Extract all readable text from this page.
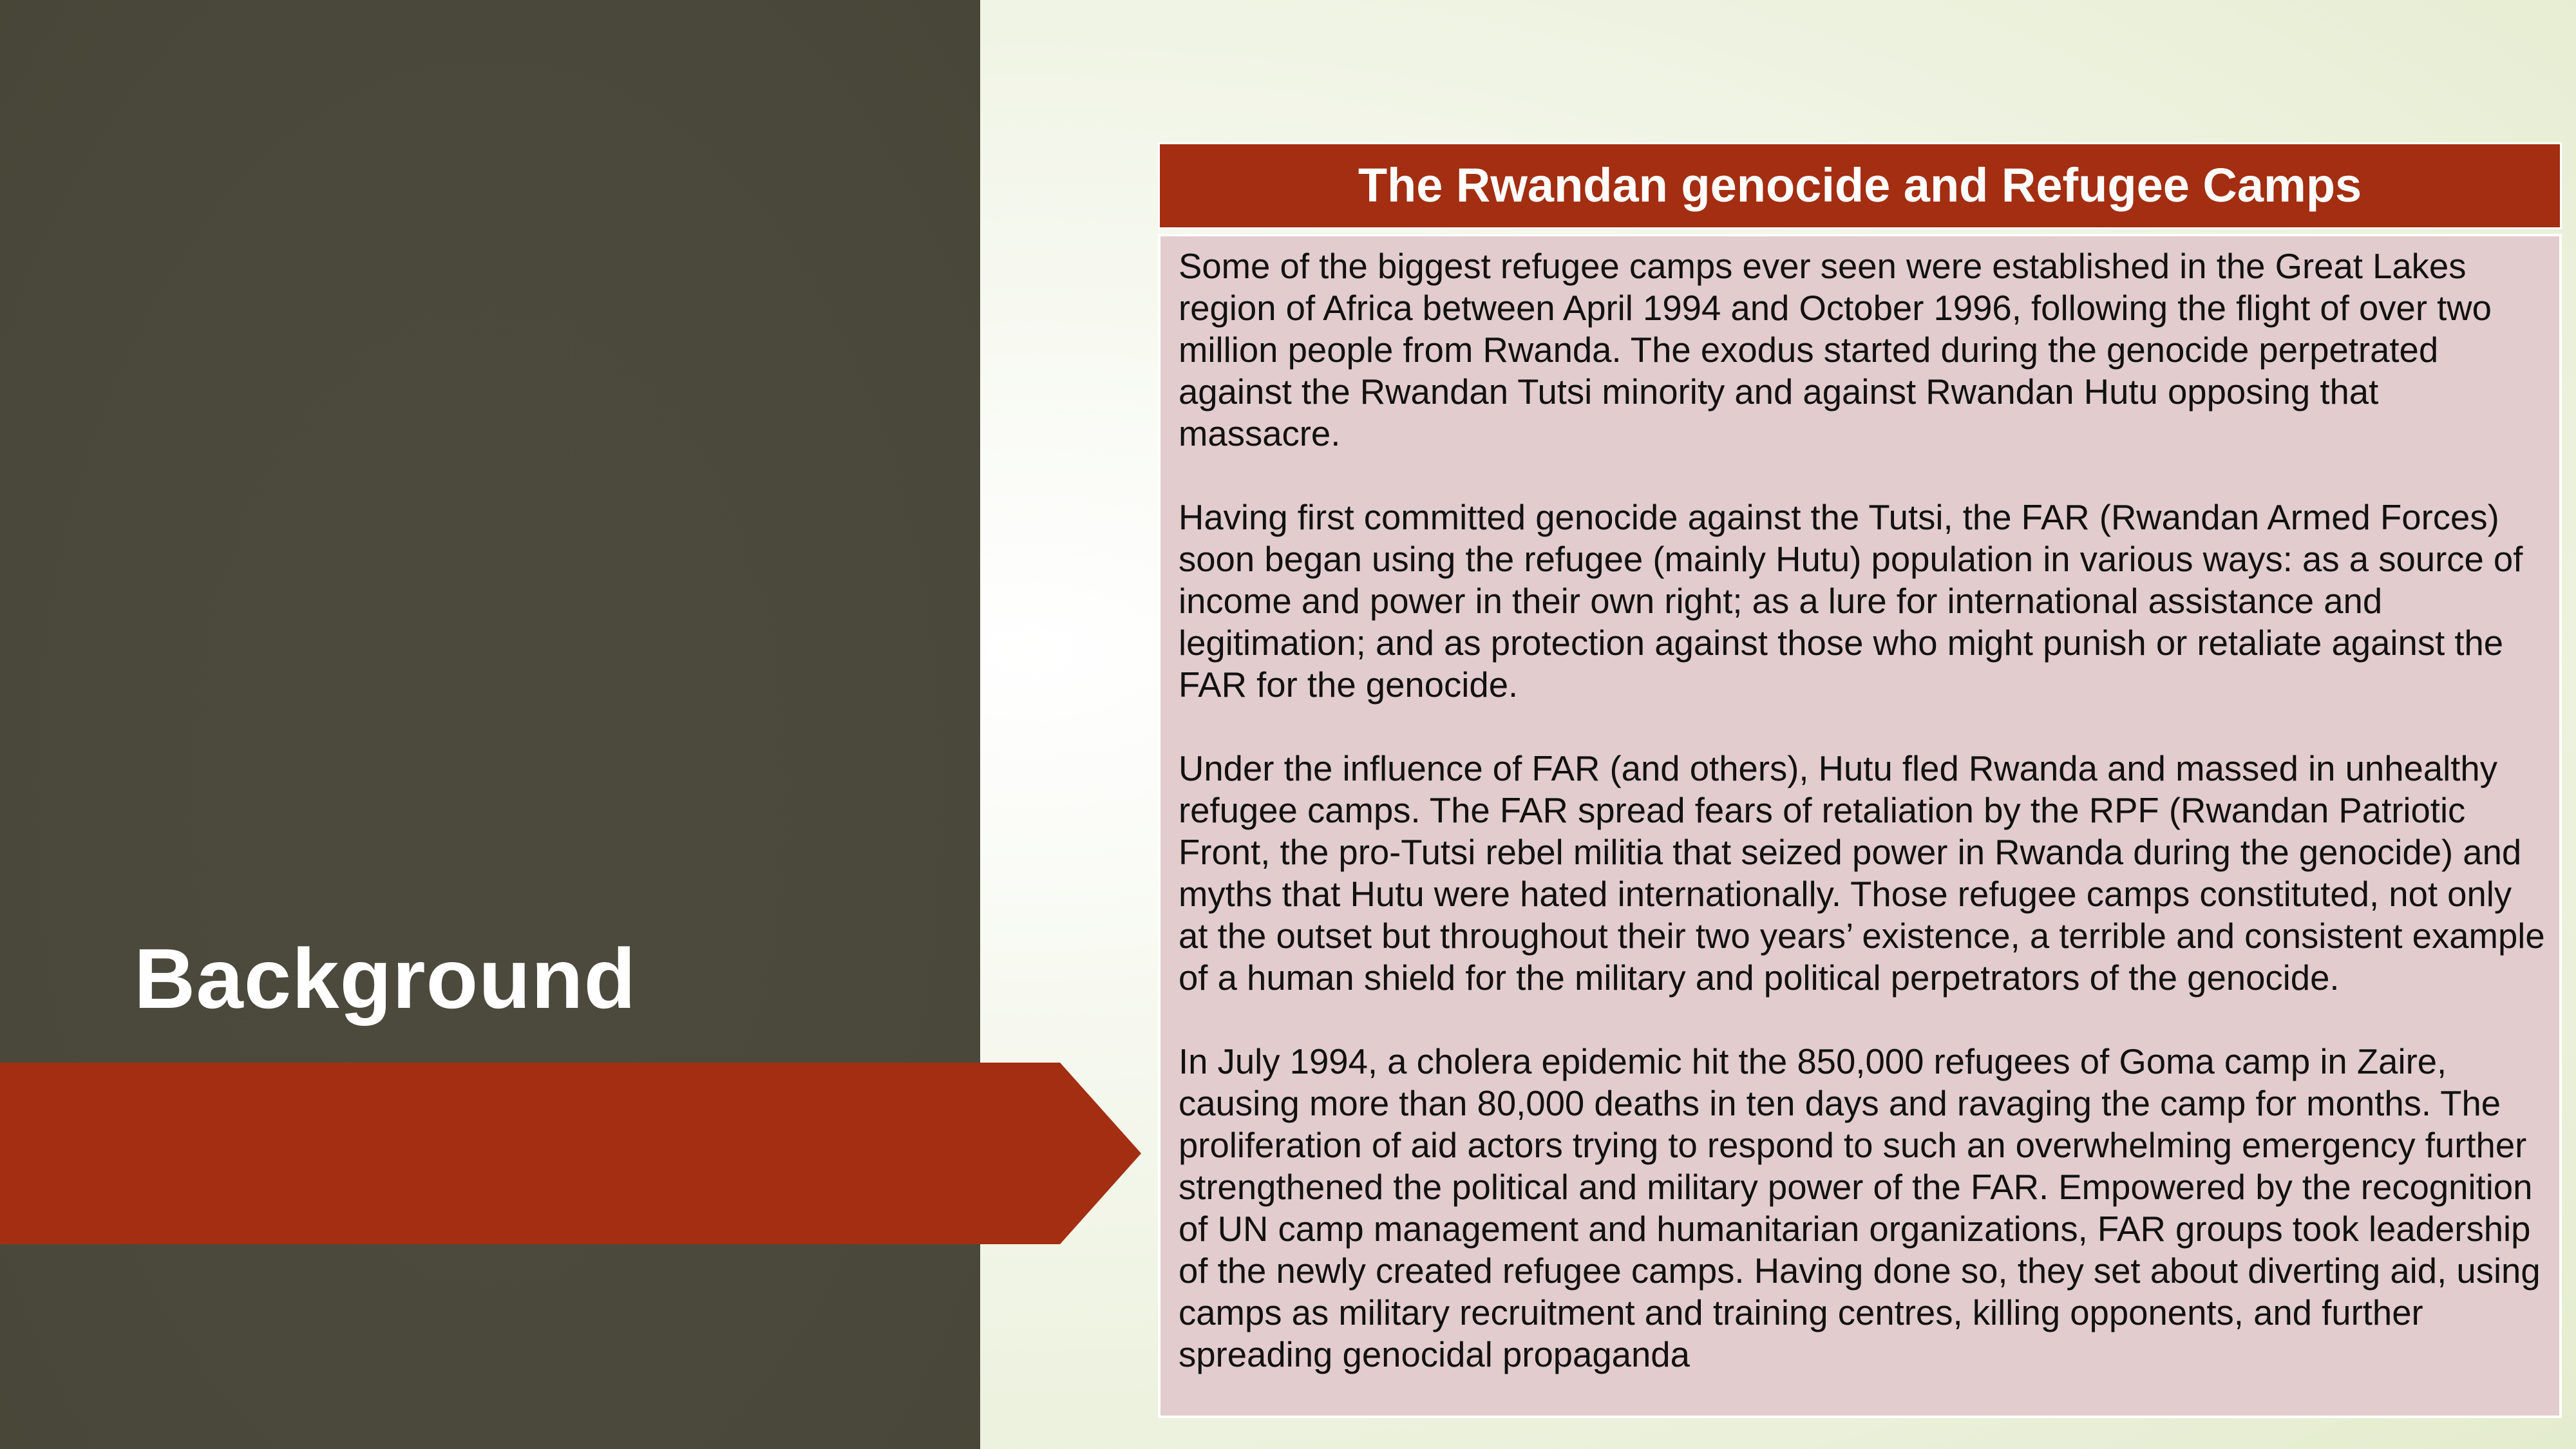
Background
The Rwandan genocide and Refugee Camps

Some of the biggest refugee camps ever seen were established in the Great Lakes region of Africa between April 1994 and October 1996, following the flight of over two million people from Rwanda. The exodus started during the genocide perpetrated against the Rwandan Tutsi minority and against Rwandan Hutu opposing that massacre.

Having first committed genocide against the Tutsi, the FAR (Rwandan Armed Forces) soon began using the refugee (mainly Hutu) population in various ways: as a source of income and power in their own right; as a lure for international assistance and legitimation; and as protection against those who might punish or retaliate against the FAR for the genocide.

Under the influence of FAR (and others), Hutu fled Rwanda and massed in unhealthy refugee camps. The FAR spread fears of retaliation by the RPF (Rwandan Patriotic Front, the pro-Tutsi rebel militia that seized power in Rwanda during the genocide) and myths that Hutu were hated internationally. Those refugee camps constituted, not only at the outset but throughout their two years’ existence, a terrible and consistent example of a human shield for the military and political perpetrators of the genocide.

In July 1994, a cholera epidemic hit the 850,000 refugees of Goma camp in Zaire, causing more than 80,000 deaths in ten days and ravaging the camp for months. The proliferation of aid actors trying to respond to such an overwhelming emergency further strengthened the political and military power of the FAR. Empowered by the recognition of UN camp management and humanitarian organizations, FAR groups took leadership of the newly created refugee camps. Having done so, they set about diverting aid, using camps as military recruitment and training centres, killing opponents, and further spreading genocidal propaganda
